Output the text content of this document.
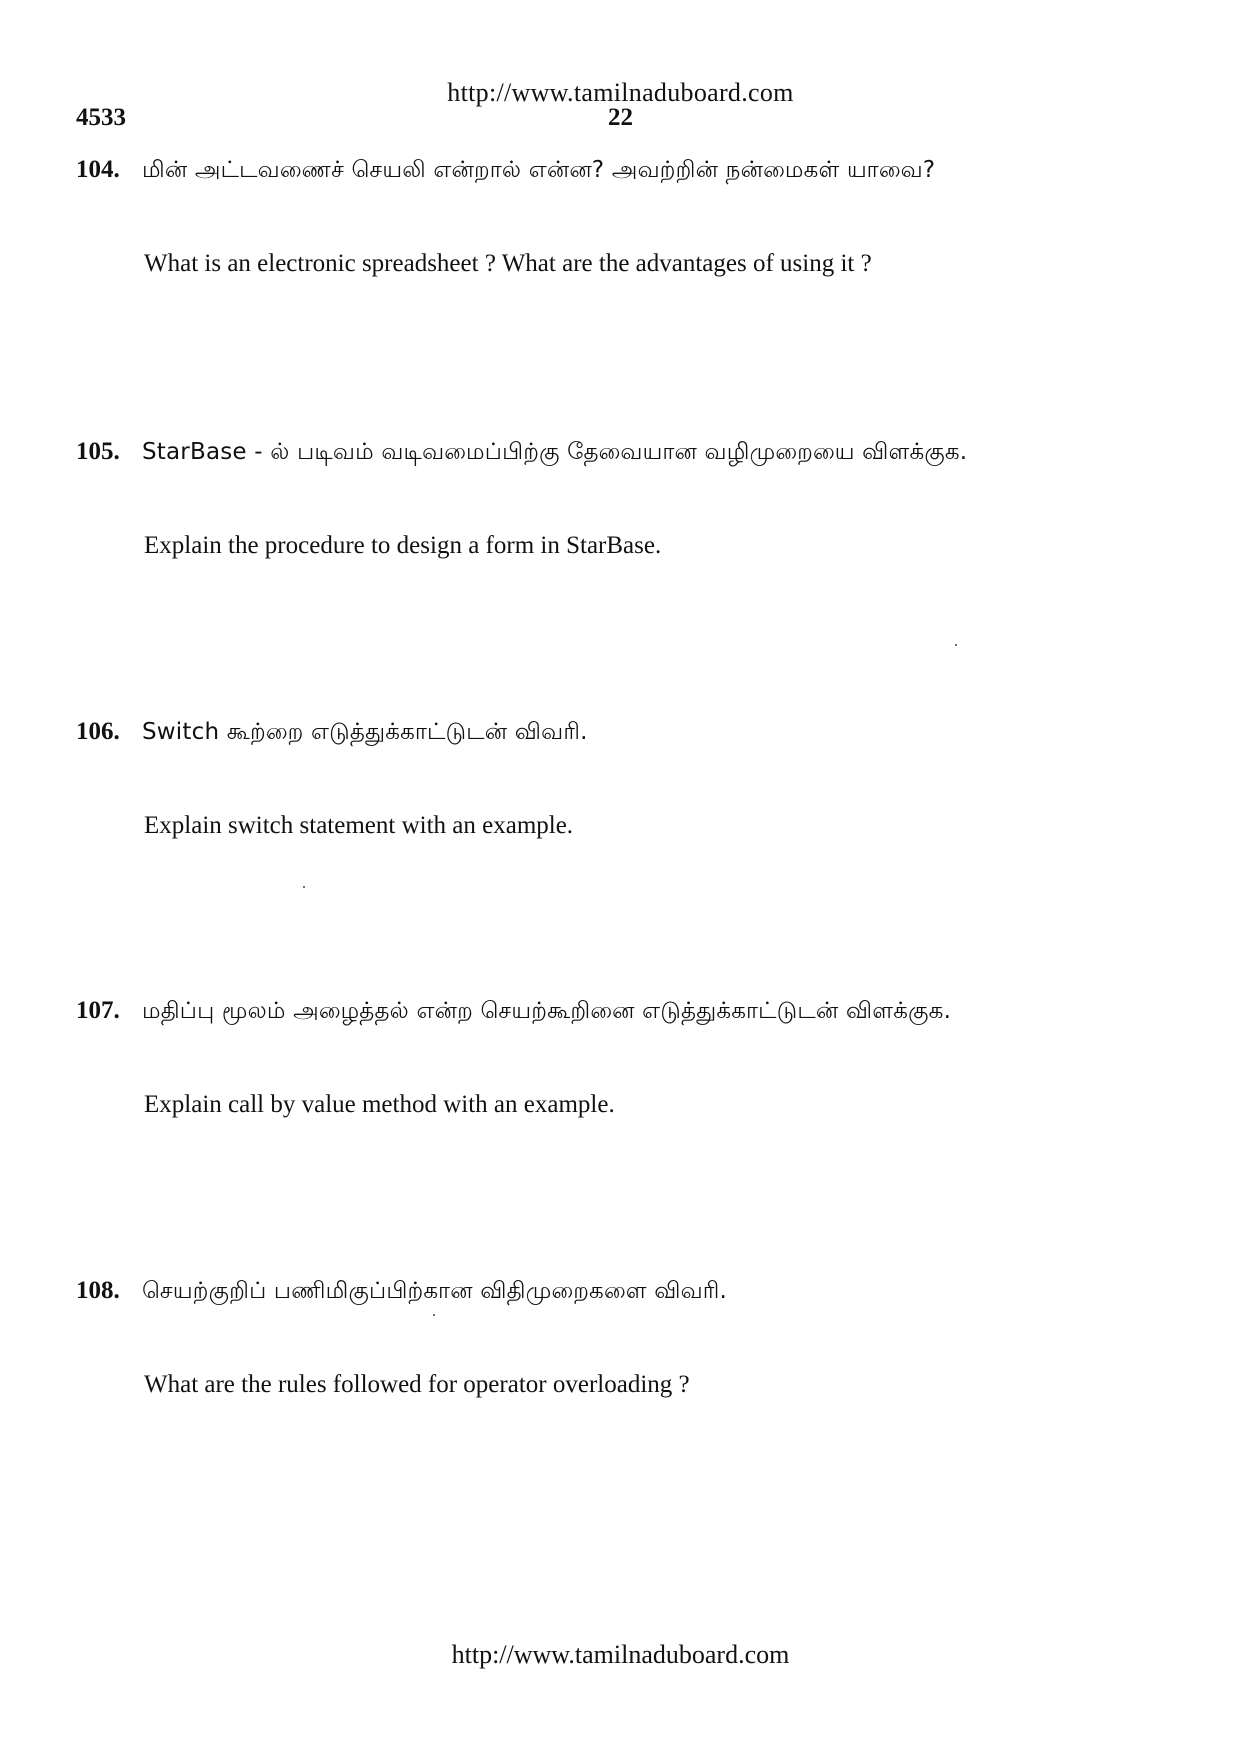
http://www.tamilnaduboard.com
4533	22
104. மின் அட்டவணைச் செயலி என்றால் என்ன? அவற்றின் நன்மைகள் யாவை?
What is an electronic spreadsheet ? What are the advantages of using it ?
105. StarBase - ல் படிவம் வடிவமைப்பிற்கு தேவையான வழிமுறையை விளக்குக.
Explain the procedure to design a form in StarBase.
106. Switch கூற்றை எடுத்துக்காட்டுடன் விவரி.
Explain switch statement with an example.
107. மதிப்பு மூலம் அழைத்தல் என்ற செயற்கூறினை எடுத்துக்காட்டுடன் விளக்குக.
Explain call by value method with an example.
108. செயற்குறிப் பணிமிகுப்பிற்கான விதிமுறைகளை விவரி.
What are the rules followed for operator overloading ?
http://www.tamilnaduboard.com
